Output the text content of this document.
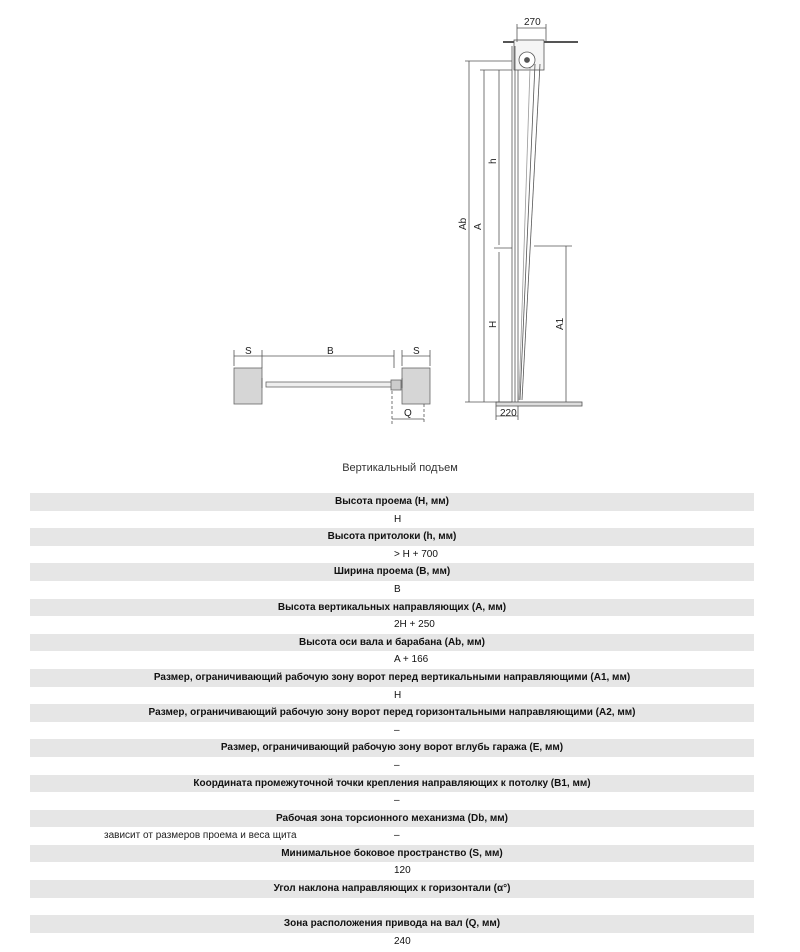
S	B	S
Q
270
Ab A
h
H	A1
220
Вертикальный подъем
Высота проема (H, мм)
H
Высота притолоки (h, мм)
> H + 700
Ширина проема (B, мм)
B
Высота вертикальных направляющих (A, мм)
2H + 250
Высота оси вала и барабана (Ab, мм)
A + 166
Размер, ограничивающий рабочую зону ворот перед вертикальными направляющими (A1, мм)
H
Размер, ограничивающий рабочую зону ворот перед горизонтальными направляющими (A2, мм)
–
Размер, ограничивающий рабочую зону ворот вглубь гаража (E, мм)
–
Координата промежуточной точки крепления направляющих к потолку (B1, мм)
–
Рабочая зона торсионного механизма (Db, мм)
зависит от размеров проема и веса щита	–
Минимальное боковое пространство (S, мм)
120
Угол наклона направляющих к горизонтали (α°)
Зона расположения привода на вал (Q, мм)
240
